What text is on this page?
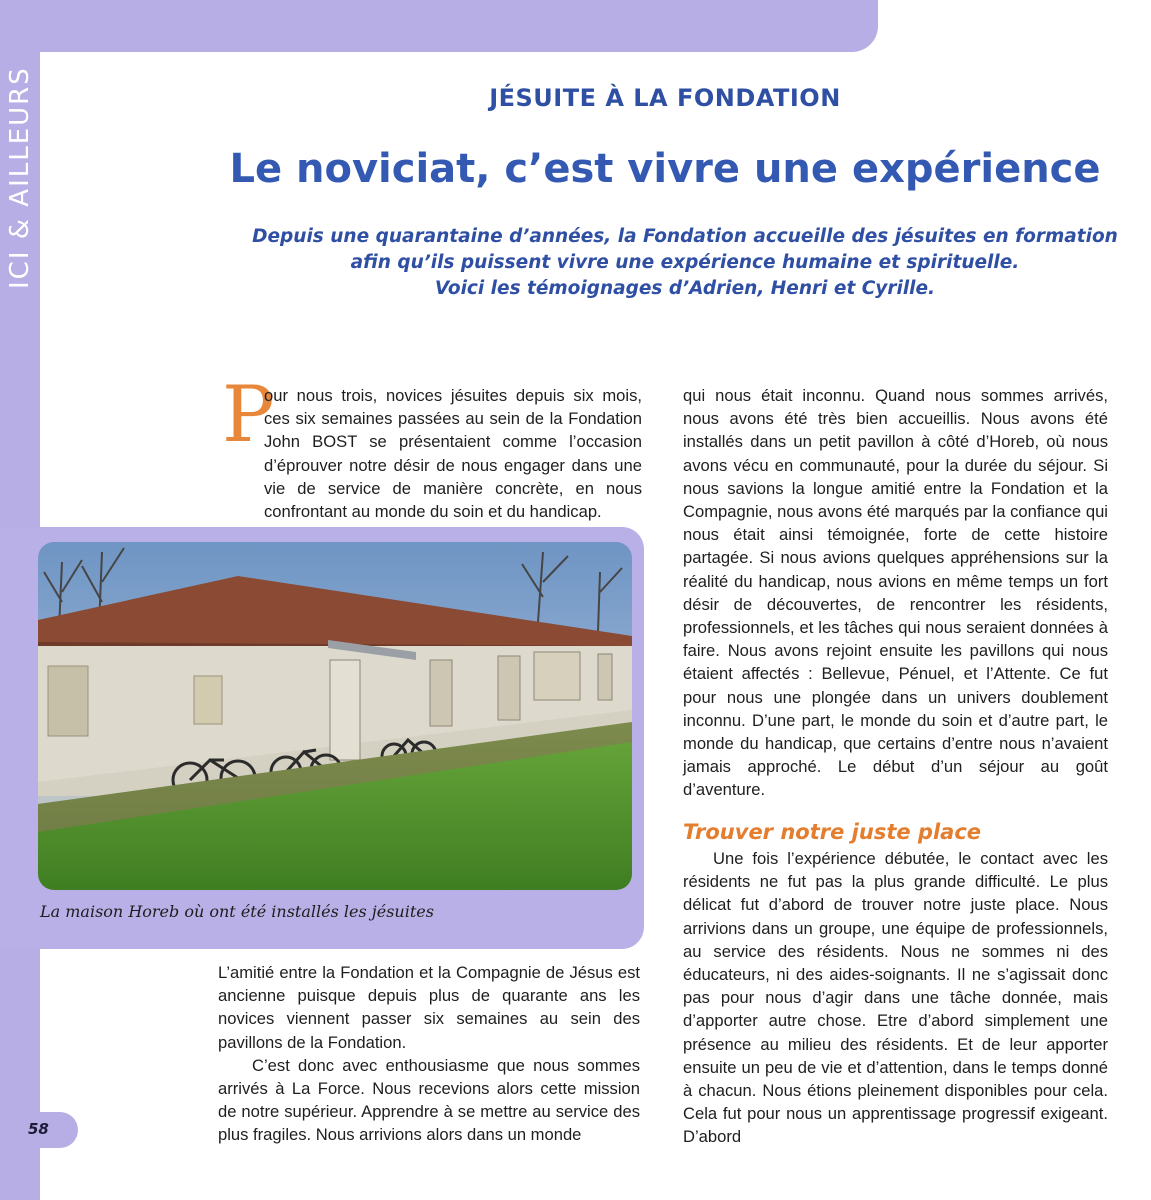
ICI & AILLEURS
58
JÉSUITE À LA FONDATION
Le noviciat, c’est vivre une expérience
Depuis une quarantaine d’années, la Fondation accueille des jésuites en formation
afin qu’ils puissent vivre une expérience humaine et spirituelle.
Voici les témoignages d’Adrien, Henri et Cyrille.
P

our nous trois, novices jésuites depuis six mois, ces six semaines passées au sein de la Fondation John BOST se présentaient comme l’occasion d’éprouver notre désir de nous engager dans une vie de service de manière concrète, en nous confrontant au monde du soin et du handicap.

La maison Horeb où ont été installés les jésuites

L’amitié entre la Fondation et la Compagnie de Jésus est ancienne puisque depuis plus de quarante ans les novices viennent passer six semaines au sein des pavillons de la Fondation.

C’est donc avec enthousiasme que nous sommes arrivés à La Force. Nous recevions alors cette mission de notre supérieur. Apprendre à se mettre au service des plus fragiles. Nous arrivions alors dans un monde

qui nous était inconnu. Quand nous sommes arrivés, nous avons été très bien accueillis. Nous avons été installés dans un petit pavillon à côté d’Horeb, où nous avons vécu en communauté, pour la durée du séjour. Si nous savions la longue amitié entre la Fondation et la Compagnie, nous avons été marqués par la confiance qui nous était ainsi témoignée, forte de cette histoire partagée. Si nous avions quelques appréhensions sur la réalité du handicap, nous avions en même temps un fort désir de découvertes, de rencontrer les résidents, professionnels, et les tâches qui nous seraient données à faire. Nous avons rejoint ensuite les pavillons qui nous étaient affectés : Bellevue, Pénuel, et l’Attente. Ce fut pour nous une plongée dans un univers doublement inconnu. D’une part, le monde du soin et d’autre part, le monde du handicap, que certains d’entre nous n’avaient jamais approché. Le début d’un séjour au goût d’aventure.

Trouver notre juste place

Une fois l’expérience débutée, le contact avec les résidents ne fut pas la plus grande difficulté. Le plus délicat fut d’abord de trouver notre juste place. Nous arrivions dans un groupe, une équipe de professionnels, au service des résidents. Nous ne sommes ni des éducateurs, ni des aides-soignants. Il ne s’agissait donc pas pour nous d’agir dans une tâche donnée, mais d’apporter autre chose. Etre d’abord simplement une présence au milieu des résidents. Et de leur apporter ensuite un peu de vie et d’attention, dans le temps donné à chacun. Nous étions pleinement disponibles pour cela. Cela fut pour nous un apprentissage progressif exigeant. D’abord
